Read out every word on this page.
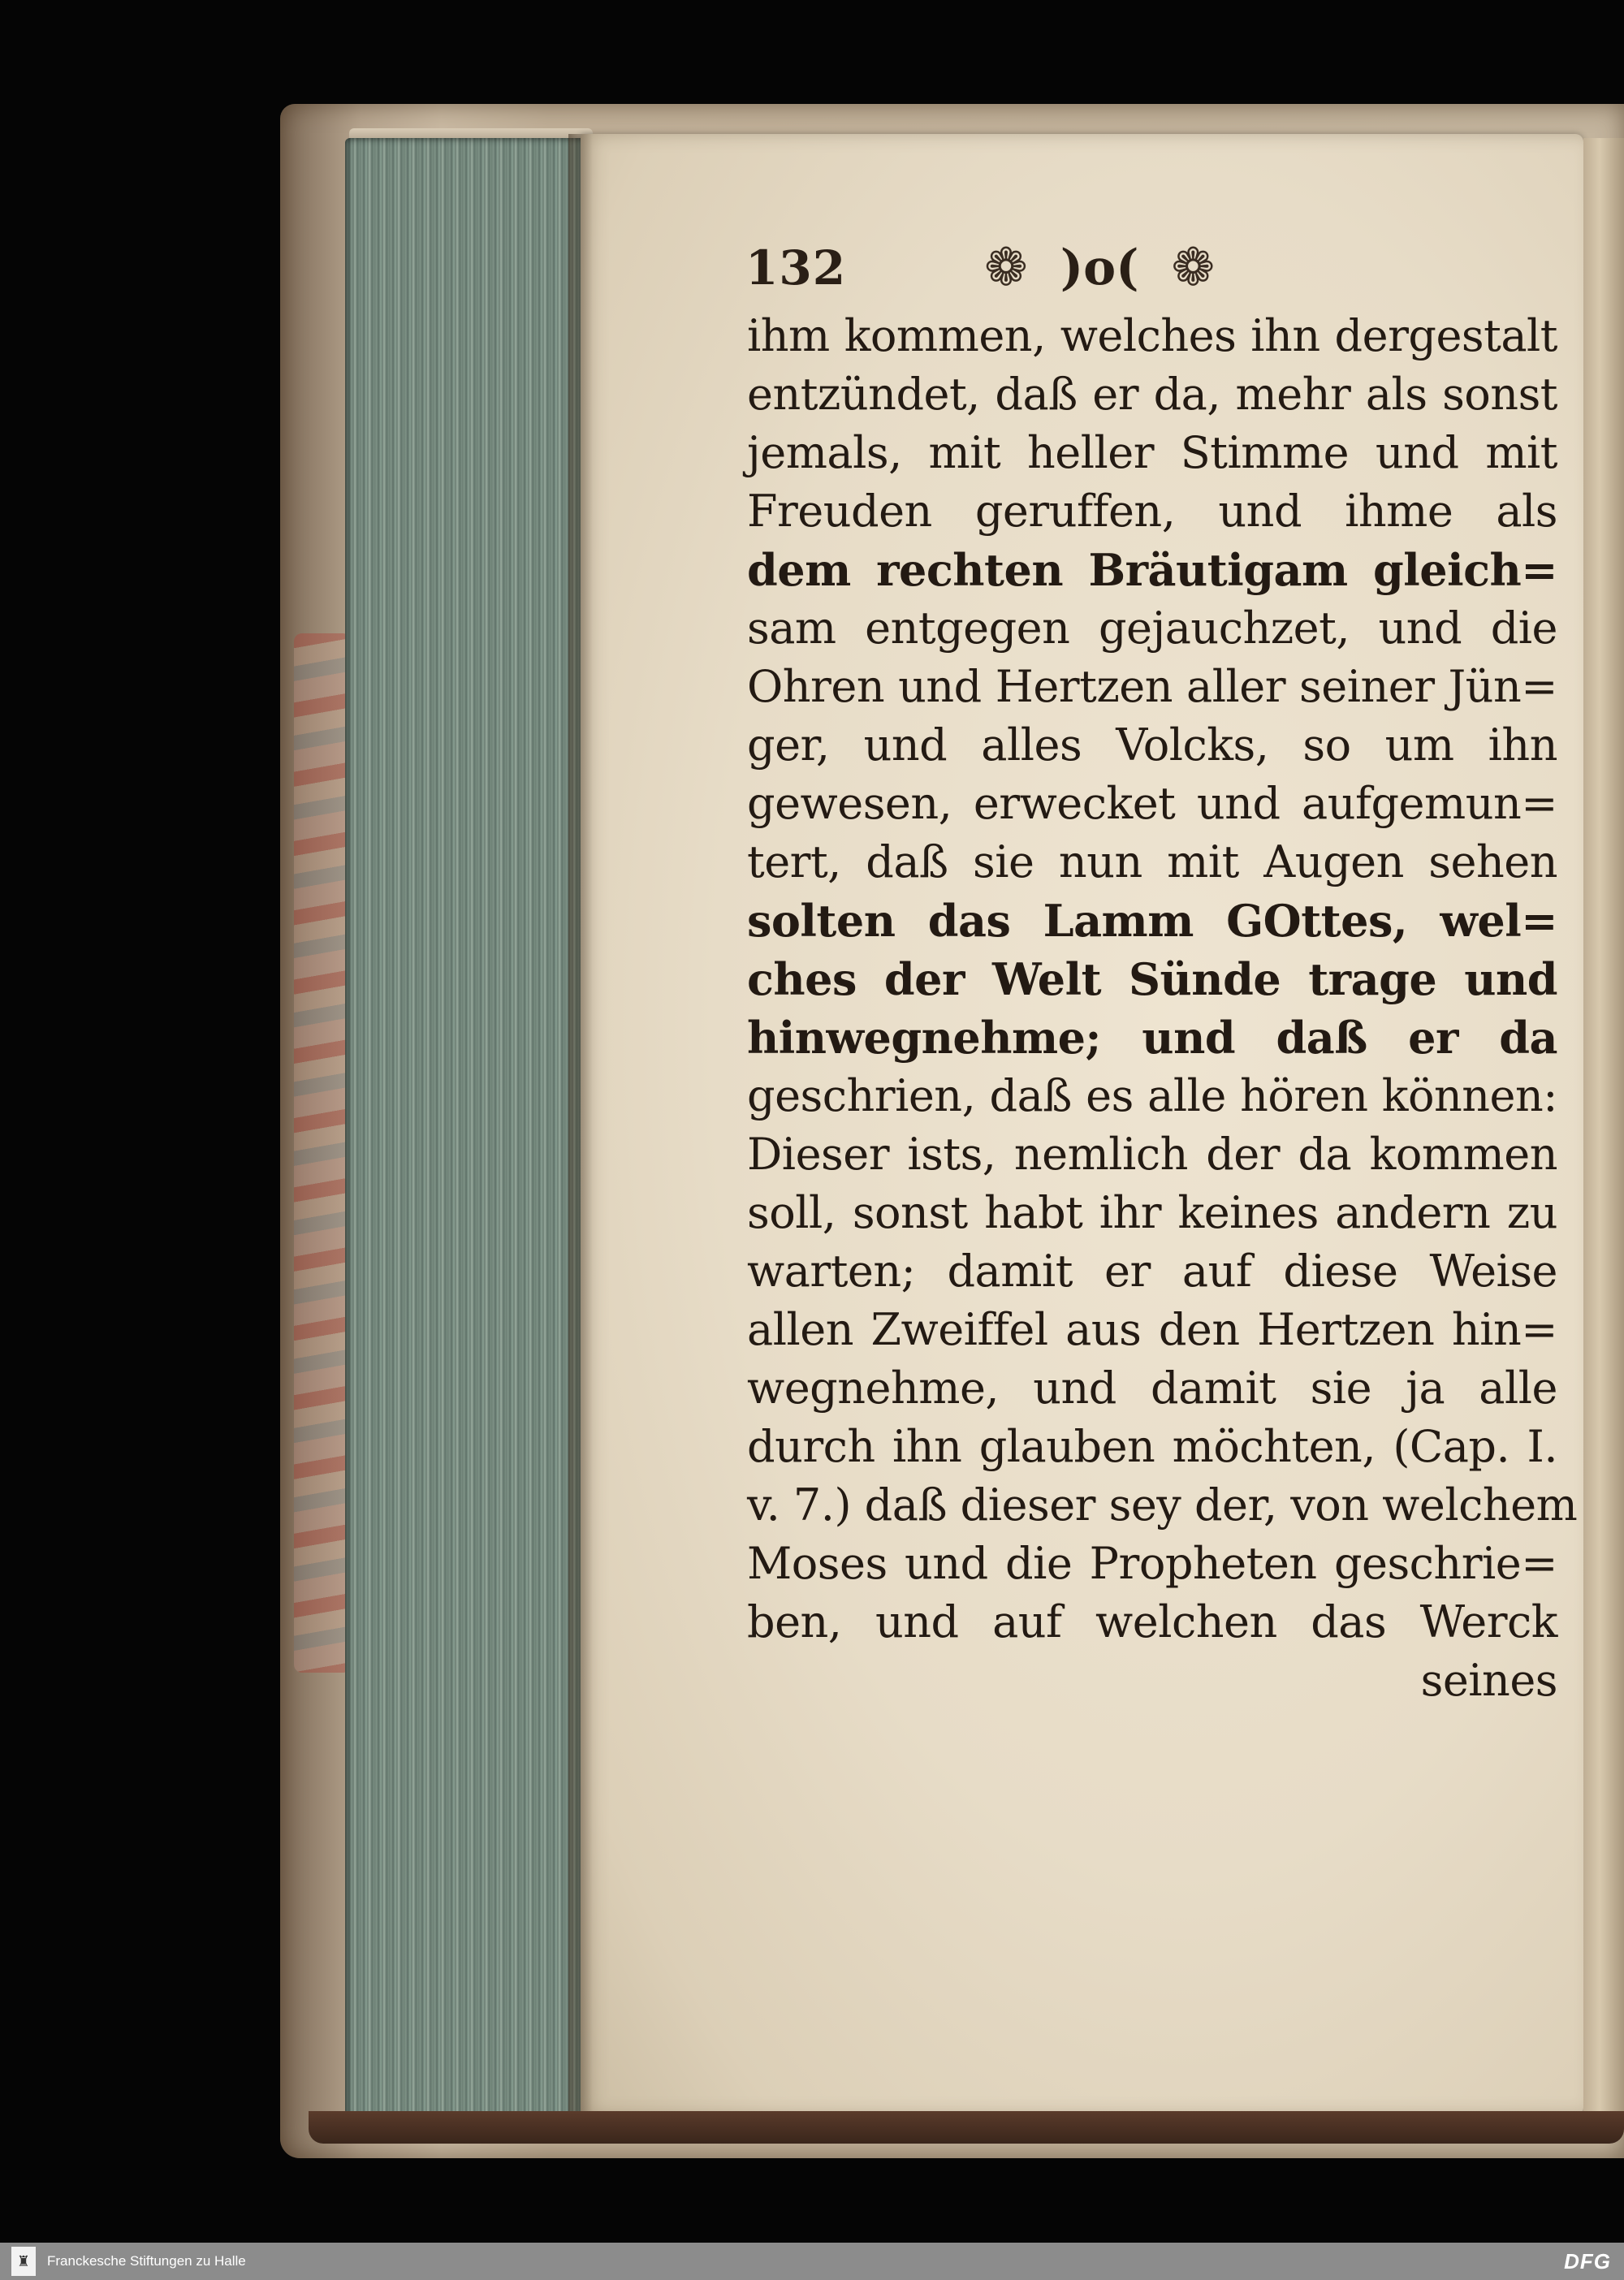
132	❁ )o( ❁
ihm kommen, welches ihn dergestalt
entzündet, daß er da, mehr als sonst
jemals, mit heller Stimme und mit
Freuden geruffen, und ihme als
dem rechten Bräutigam gleich=
sam entgegen gejauchzet, und die
Ohren und Hertzen aller seiner Jün=
ger, und alles Volcks, so um ihn
gewesen, erwecket und aufgemun=
tert, daß sie nun mit Augen sehen
solten das Lamm GOttes, wel=
ches der Welt Sünde trage und
hinwegnehme; und daß er da
geschrien, daß es alle hören können:
Dieser ists, nemlich der da kommen
soll, sonst habt ihr keines andern zu
warten; damit er auf diese Weise
allen Zweiffel aus den Hertzen hin=
wegnehme, und damit sie ja alle
durch ihn glauben möchten, (Cap. I.
v. 7.) daß dieser sey der, von welchem
Moses und die Propheten geschrie=
ben, und auf welchen das Werck
seines
♜	Franckesche Stiftungen zu Halle	DFG
